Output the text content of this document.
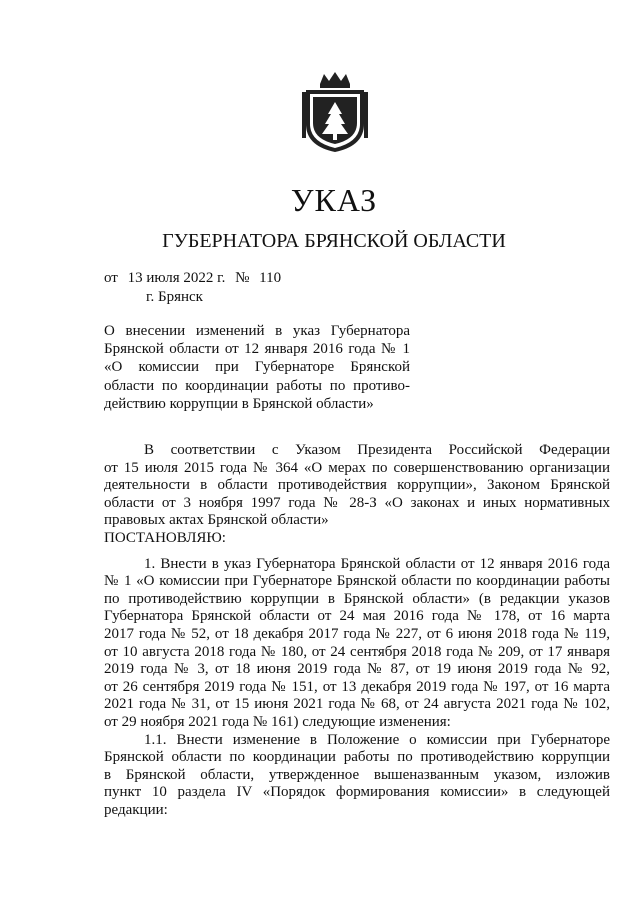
УКАЗ
ГУБЕРНАТОРА БРЯНСКОЙ ОБЛАСТИ
от 13 июля 2022 г. № 110
г. Брянск
О внесении изменений в указ Губернатора
Брянской области от 12 января 2016 года № 1
«О комиссии при Губернаторе Брянской
области по координации работы по противо-
действию коррупции в Брянской области»
В соответствии с Указом Президента Российской Федерации
от 15 июля 2015 года № 364 «О мерах по совершенствованию организации
деятельности в области противодействия коррупции», Законом Брянской
области от 3 ноября 1997 года № 28-З «О законах и иных нормативных
правовых актах Брянской области»
ПОСТАНОВЛЯЮ:
1. Внести в указ Губернатора Брянской области от 12 января 2016 года
№ 1 «О комиссии при Губернаторе Брянской области по координации работы
по противодействию коррупции в Брянской области» (в редакции указов
Губернатора Брянской области от 24 мая 2016 года № 178, от 16 марта
2017 года № 52, от 18 декабря 2017 года № 227, от 6 июня 2018 года № 119,
от 10 августа 2018 года № 180, от 24 сентября 2018 года № 209, от 17 января
2019 года № 3, от 18 июня 2019 года № 87, от 19 июня 2019 года № 92,
от 26 сентября 2019 года № 151, от 13 декабря 2019 года № 197, от 16 марта
2021 года № 31, от 15 июня 2021 года № 68, от 24 августа 2021 года № 102,
от 29 ноября 2021 года № 161) следующие изменения:
1.1. Внести изменение в Положение о комиссии при Губернаторе
Брянской области по координации работы по противодействию коррупции
в Брянской области, утвержденное вышеназванным указом, изложив
пункт 10 раздела IV «Порядок формирования комиссии» в следующей
редакции:
